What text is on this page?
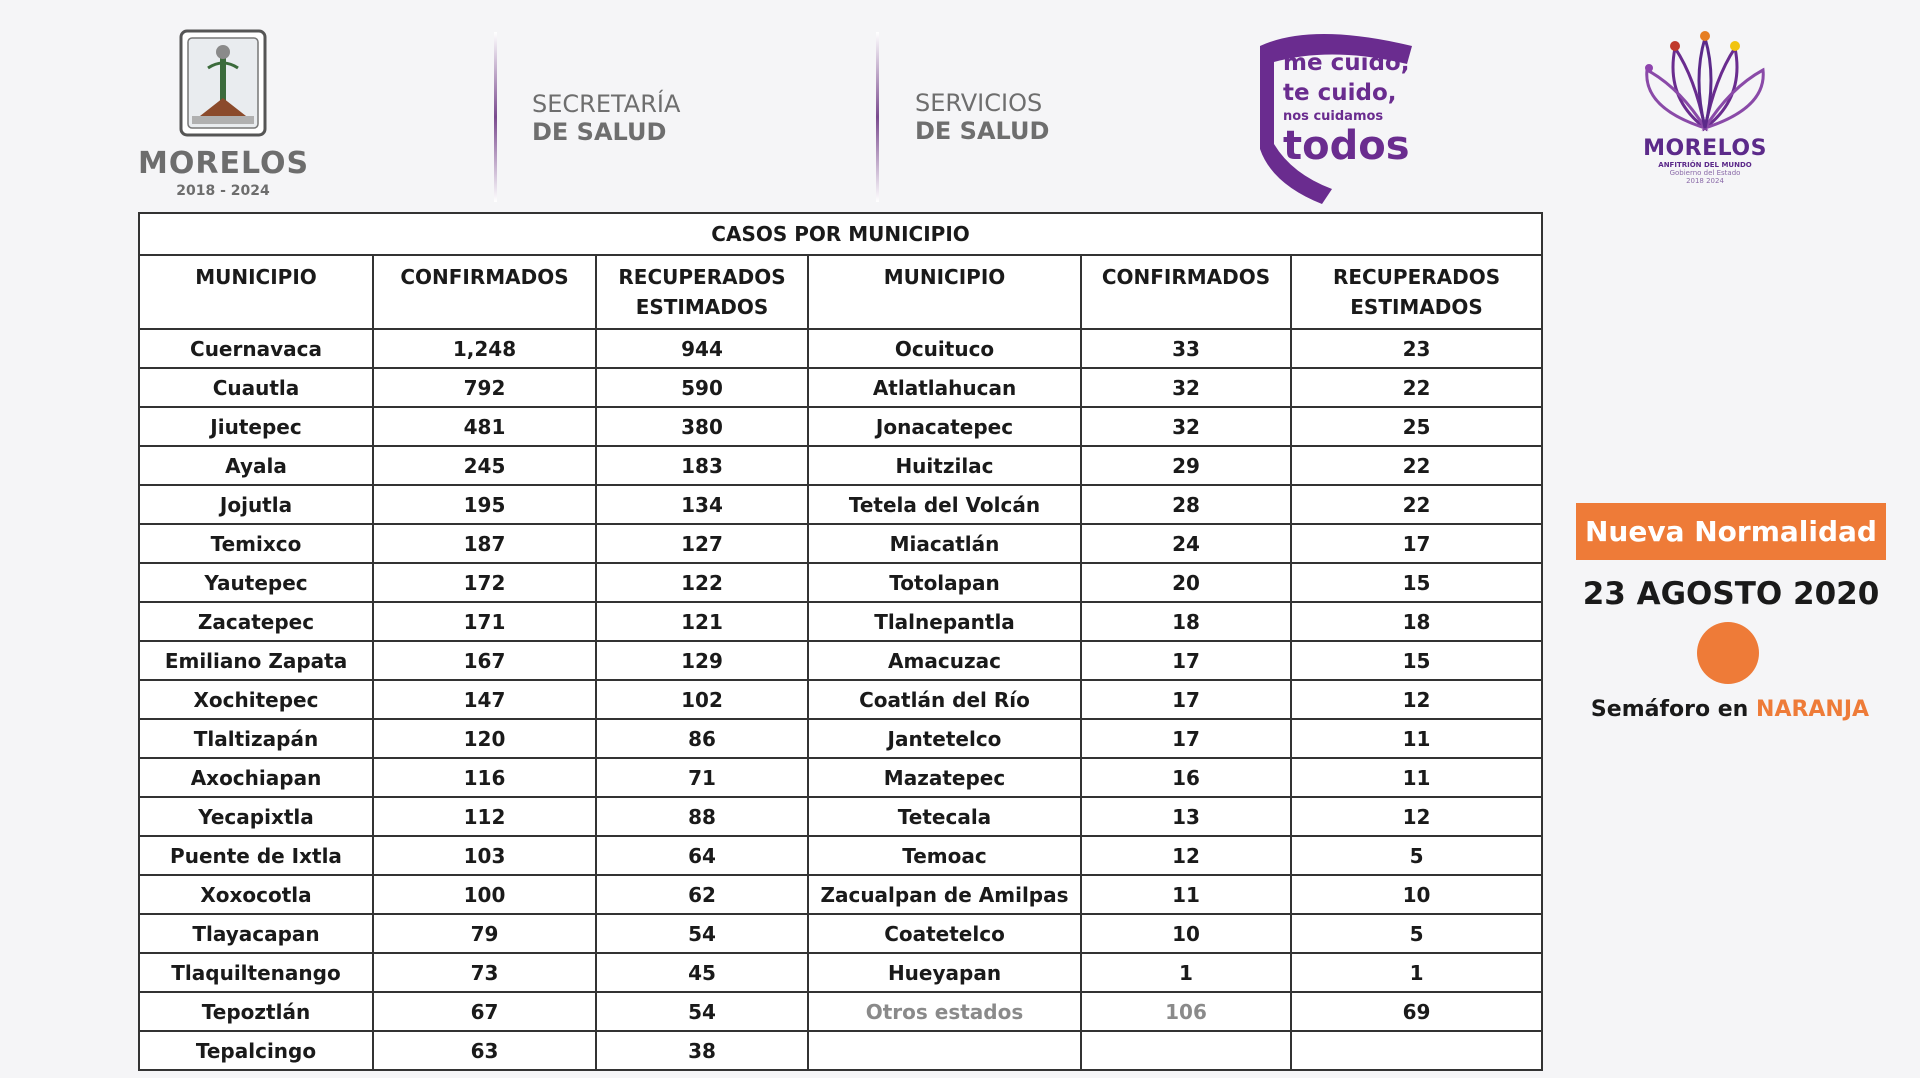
MORELOS
2018 - 2024
SECRETARÍA
DE SALUD
SERVICIOS
DE SALUD
me cuido,
te cuido,
nos cuidamos
todos	MORELOS
ANFITRIÓN DEL MUNDO
Gobierno del Estado
2018 2024
CASOS POR MUNICIPIO					
MUNICIPIO	CONFIRMADOS	RECUPERADOS ESTIMADOS	MUNICIPIO	CONFIRMADOS	RECUPERADOS ESTIMADOS
Cuernavaca	1,248	944	Ocuituco	33	23
Cuautla	792	590	Atlatlahucan	32	22
Jiutepec	481	380	Jonacatepec	32	25
Ayala	245	183	Huitzilac	29	22
Jojutla	195	134	Tetela del Volcán	28	22
Temixco	187	127	Miacatlán	24	17
Yautepec	172	122	Totolapan	20	15
Zacatepec	171	121	Tlalnepantla	18	18
Emiliano Zapata	167	129	Amacuzac	17	15
Xochitepec	147	102	Coatlán del Río	17	12
Tlaltizapán	120	86	Jantetelco	17	11
Axochiapan	116	71	Mazatepec	16	11
Yecapixtla	112	88	Tetecala	13	12
Puente de Ixtla	103	64	Temoac	12	5
Xoxocotla	100	62	Zacualpan de Amilpas	11	10
Tlayacapan	79	54	Coatetelco	10	5
Tlaquiltenango	73	45	Hueyapan	1	1
Tepoztlán	67	54	Otros estados	106	69
Tepalcingo	63	38			
Nueva Normalidad
23 AGOSTO 2020
Semáforo en NARANJA
